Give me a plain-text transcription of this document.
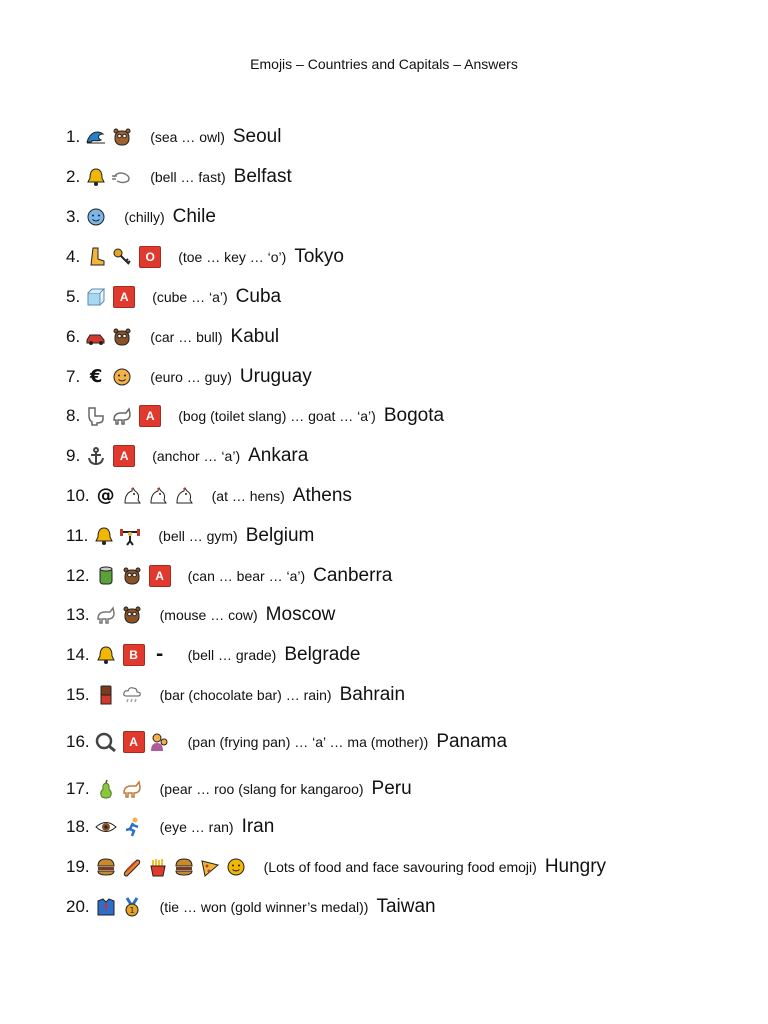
Emojis – Countries and Capitals – Answers
1.	(sea … owl) Seoul
2.	(bell … fast) Belfast
3.	(chilly) Chile
4.	O	(toe … key … ‘o’) Tokyo
5.	A	(cube … ‘a’) Cuba
6.	(car … bull) Kabul
7. €	(euro … guy) Uruguay
8.	A	(bog (toilet slang) … goat … ‘a’) Bogota
9.	A	(anchor … ‘a’) Ankara
10. @	(at … hens) Athens
11.	(bell … gym) Belgium
12.	A	(can … bear … ‘a’) Canberra
13.	(mouse … cow) Moscow
14.	B -	(bell … grade) Belgrade
15.	(bar (chocolate bar) … rain) Bahrain
16.	A	(pan (frying pan) … ‘a’ … ma (mother)) Panama
17.	(pear … roo (slang for kangaroo) Peru
18.	(eye … ran) Iran
19.	(Lots of food and face savouring food emoji) Hungry
20.	1 (tie … won (gold winner’s medal)) Taiwan
